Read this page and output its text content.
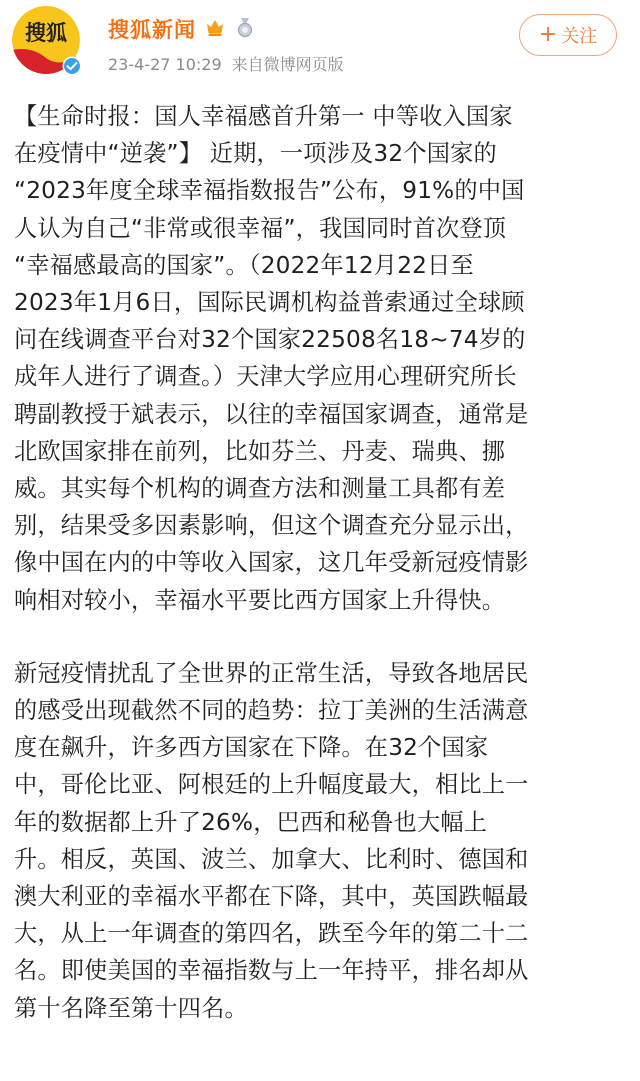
搜狐 搜狐新闻
23-4-27 10:29 来自微博网页版
+ 关注

【生命时报：国人幸福感首升第一 中等收入国家
在疫情中“逆袭”】 近期，一项涉及32个国家的
“2023年度全球幸福指数报告”公布，91%的中国
人认为自己“非常或很幸福”，我国同时首次登顶
“幸福感最高的国家”。（2022年12月22日至
2023年1月6日，国际民调机构益普索通过全球顾
问在线调查平台对32个国家22508名18~74岁的
成年人进行了调查。）天津大学应用心理研究所长
聘副教授于斌表示，以往的幸福国家调查，通常是
北欧国家排在前列，比如芬兰、丹麦、瑞典、挪
威。其实每个机构的调查方法和测量工具都有差
别，结果受多因素影响，但这个调查充分显示出，
像中国在内的中等收入国家，这几年受新冠疫情影
响相对较小，幸福水平要比西方国家上升得快。

新冠疫情扰乱了全世界的正常生活，导致各地居民
的感受出现截然不同的趋势：拉丁美洲的生活满意
度在飙升，许多西方国家在下降。在32个国家
中，哥伦比亚、阿根廷的上升幅度最大，相比上一
年的数据都上升了26%，巴西和秘鲁也大幅上
升。相反，英国、波兰、加拿大、比利时、德国和
澳大利亚的幸福水平都在下降，其中，英国跌幅最
大，从上一年调查的第四名，跌至今年的第二十二
名。即使美国的幸福指数与上一年持平，排名却从
第十名降至第十四名。
